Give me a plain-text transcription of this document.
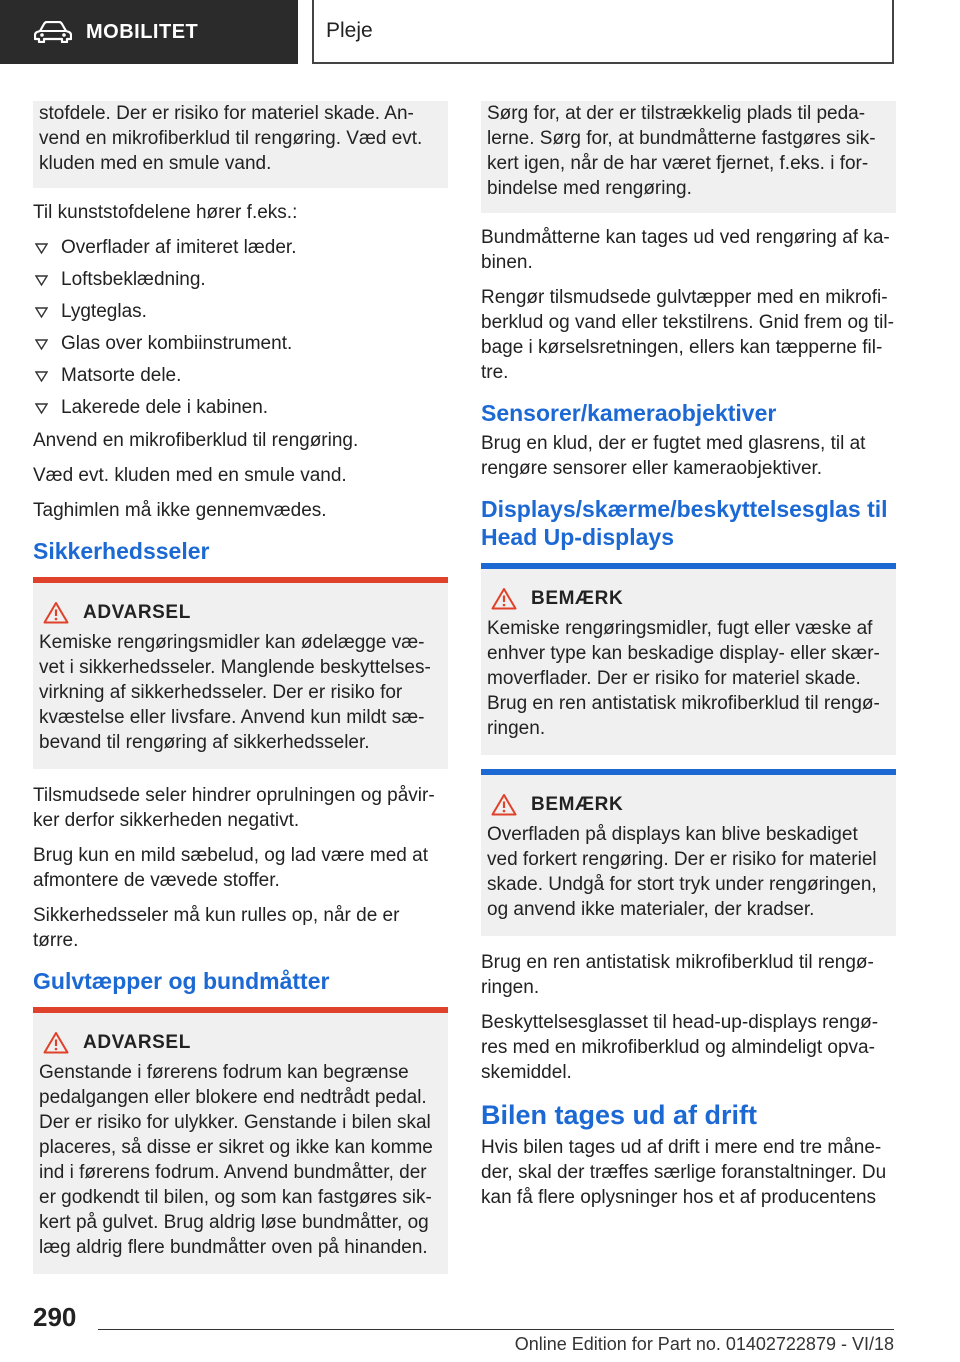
MOBILITET	Pleje

stofdele. Der er risiko for materiel skade. Anvend en mikrofiberklud til rengøring. Væd evt. kluden med en smule vand.

Til kunststofdelene hører f.eks.:

Overflader af imiteret læder.
Loftsbeklædning.
Lygteglas.
Glas over kombiinstrument.
Matsorte dele.
Lakerede dele i kabinen.

Anvend en mikrofiberklud til rengøring.

Væd evt. kluden med en smule vand.

Taghimlen må ikke gennemvædes.

Sikkerhedsseler
ADVARSEL

Kemiske rengøringsmidler kan ødelægge vævet i sikkerhedsseler. Manglende beskyttelsesvirkning af sikkerhedsseler. Der er risiko for kvæstelse eller livsfare. Anvend kun mildt sæbevand til rengøring af sikkerhedsseler.

Tilsmudsede seler hindrer oprulningen og påvirker derfor sikkerheden negativt.

Brug kun en mild sæbelud, og lad være med at afmontere de vævede stoffer.

Sikkerhedsseler må kun rulles op, når de er tørre.

Gulvtæpper og bundmåtter
ADVARSEL

Genstande i førerens fodrum kan begrænse pedalgangen eller blokere end nedtrådt pedal. Der er risiko for ulykker. Genstande i bilen skal placeres, så disse er sikret og ikke kan komme ind i førerens fodrum. Anvend bundmåtter, der er godkendt til bilen, og som kan fastgøres sikkert på gulvet. Brug aldrig løse bundmåtter, og læg aldrig flere bundmåtter oven på hinanden.

Sørg for, at der er tilstrækkelig plads til pedalerne. Sørg for, at bundmåtterne fastgøres sikkert igen, når de har været fjernet, f.eks. i forbindelse med rengøring.

Bundmåtterne kan tages ud ved rengøring af kabinen.

Rengør tilsmudsede gulvtæpper med en mikrofiberklud og vand eller tekstilrens. Gnid frem og tilbage i kørselsretningen, ellers kan tæpperne filtre.

Sensorer/kameraobjektiver

Brug en klud, der er fugtet med glasrens, til at rengøre sensorer eller kameraobjektiver.

Displays/skærme/beskyttelsesglas til Head Up-displays
BEMÆRK

Kemiske rengøringsmidler, fugt eller væske af enhver type kan beskadige display- eller skærmoverflader. Der er risiko for materiel skade. Brug en ren antistatisk mikrofiberklud til rengøringen.

BEMÆRK

Overfladen på displays kan blive beskadiget ved forkert rengøring. Der er risiko for materiel skade. Undgå for stort tryk under rengøringen, og anvend ikke materialer, der kradser.

Brug en ren antistatisk mikrofiberklud til rengøringen.

Beskyttelsesglasset til head-up-displays rengøres med en mikrofiberklud og almindeligt opvaskemiddel.

Bilen tages ud af drift

Hvis bilen tages ud af drift i mere end tre måneder, skal der træffes særlige foranstaltninger. Du kan få flere oplysninger hos et af producentens

290
Online Edition for Part no. 01402722879 - VI/18
